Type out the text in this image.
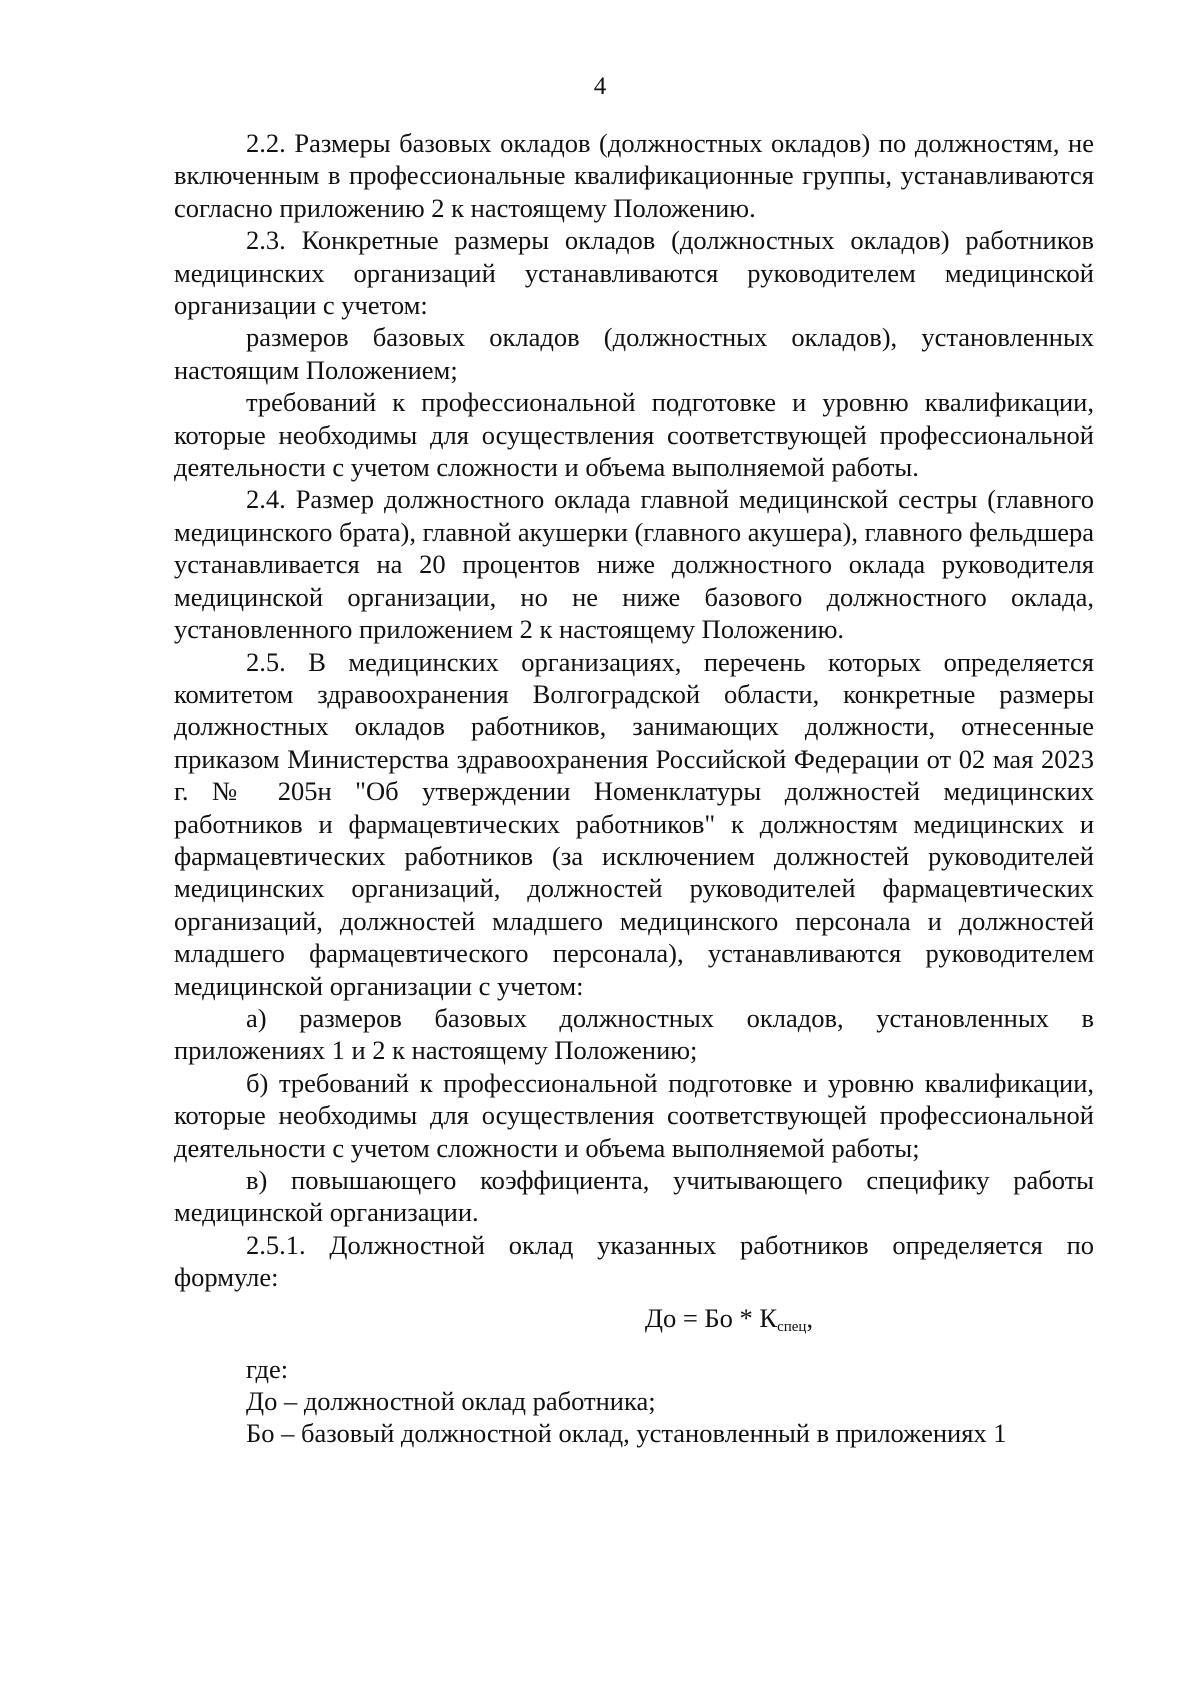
4

2.2. Размеры базовых окладов (должностных окладов) по должностям, не включенным в профессиональные квалификационные группы, устанавливаются согласно приложению 2 к настоящему Положению.

2.3. Конкретные размеры окладов (должностных окладов) работников медицинских организаций устанавливаются руководителем медицинской организации с учетом:

размеров базовых окладов (должностных окладов), установленных настоящим Положением;

требований к профессиональной подготовке и уровню квалификации, которые необходимы для осуществления соответствующей профессиональной деятельности с учетом сложности и объема выполняемой работы.

2.4. Размер должностного оклада главной медицинской сестры (главного медицинского брата), главной акушерки (главного акушера), главного фельдшера устанавливается на 20 процентов ниже должностного оклада руководителя медицинской организации, но не ниже базового должностного оклада, установленного приложением 2 к настоящему Положению.

2.5. В медицинских организациях, перечень которых определяется комитетом здравоохранения Волгоградской области, конкретные размеры должностных окладов работников, занимающих должности, отнесенные приказом Министерства здравоохранения Российской Федерации от 02 мая 2023 г. № 205н "Об утверждении Номенклатуры должностей медицинских работников и фармацевтических работников" к должностям медицинских и фармацевтических работников (за исключением должностей руководителей медицинских организаций, должностей руководителей фармацевтических организаций, должностей младшего медицинского персонала и должностей младшего фармацевтического персонала), устанавливаются руководителем медицинской организации с учетом:

а) размеров базовых должностных окладов, установленных в приложениях 1 и 2 к настоящему Положению;

б) требований к профессиональной подготовке и уровню квалификации, которые необходимы для осуществления соответствующей профессиональной деятельности с учетом сложности и объема выполняемой работы;

в) повышающего коэффициента, учитывающего специфику работы медицинской организации.

2.5.1. Должностной оклад указанных работников определяется по формуле:

До = Бо * $К_{спец}$,

где:

До – должностной оклад работника;

Бо – базовый должностной оклад, установленный в приложениях 1
